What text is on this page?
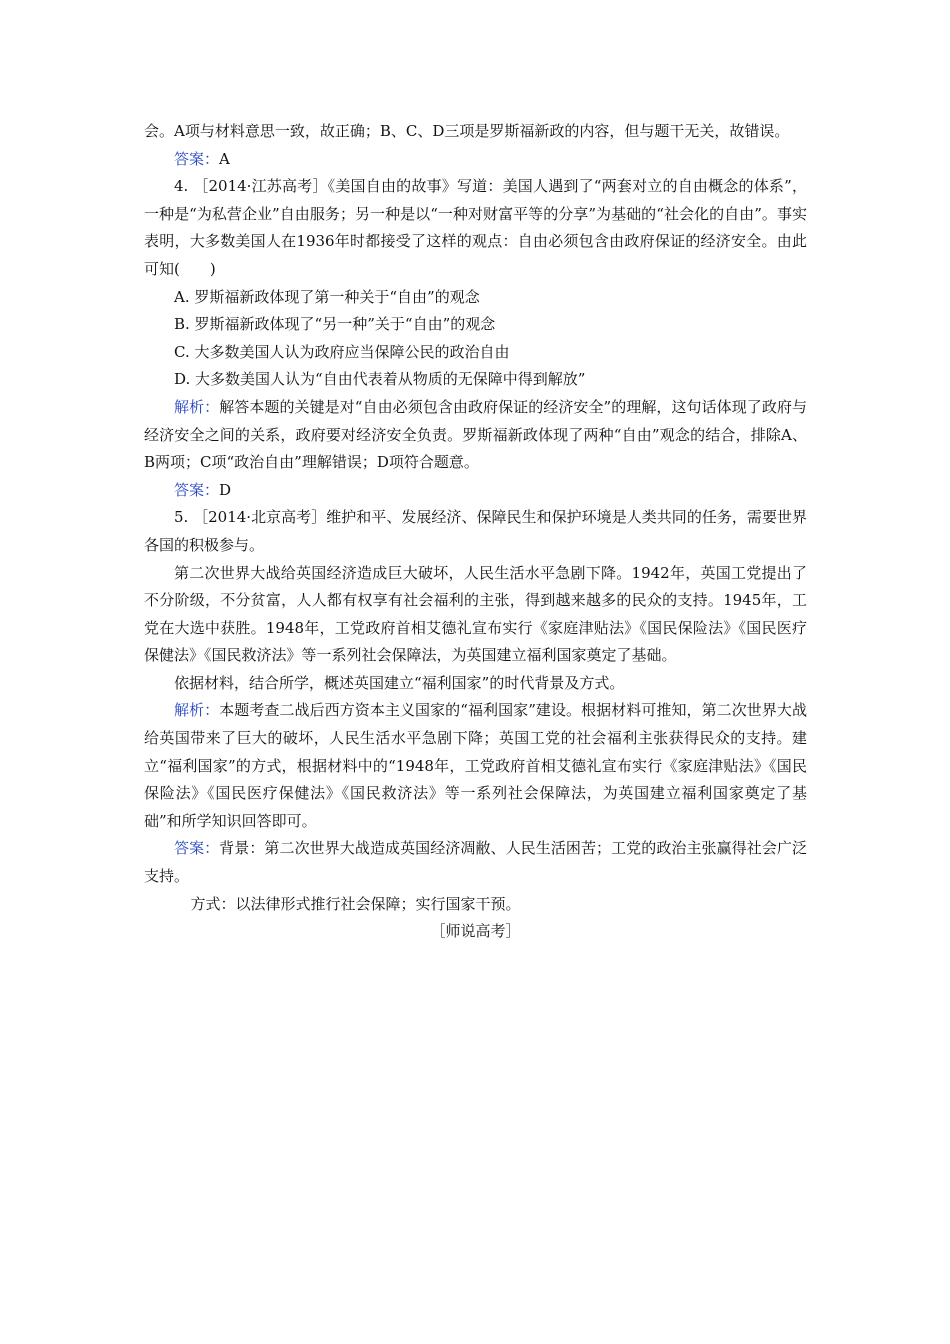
会。A项与材料意思一致，故正确；B、C、D三项是罗斯福新政的内容，但与题干无关，故错误。

答案：A

4. ［2014·江苏高考］《美国自由的故事》写道：美国人遇到了“两套对立的自由概念的体系”，一种是“为私营企业”自由服务；另一种是以“一种对财富平等的分享”为基础的“社会化的自由”。事实表明，大多数美国人在1936年时都接受了这样的观点：自由必须包含由政府保证的经济安全。由此可知(　　)

A. 罗斯福新政体现了第一种关于“自由”的观念

B. 罗斯福新政体现了“另一种”关于“自由”的观念

C. 大多数美国人认为政府应当保障公民的政治自由

D. 大多数美国人认为“自由代表着从物质的无保障中得到解放”

解析：解答本题的关键是对“自由必须包含由政府保证的经济安全”的理解，这句话体现了政府与经济安全之间的关系，政府要对经济安全负责。罗斯福新政体现了两种“自由”观念的结合，排除A、B两项；C项“政治自由”理解错误；D项符合题意。

答案：D

5. ［2014·北京高考］维护和平、发展经济、保障民生和保护环境是人类共同的任务，需要世界各国的积极参与。

第二次世界大战给英国经济造成巨大破坏，人民生活水平急剧下降。1942年，英国工党提出了不分阶级，不分贫富，人人都有权享有社会福利的主张，得到越来越多的民众的支持。1945年，工党在大选中获胜。1948年，工党政府首相艾德礼宣布实行《家庭津贴法》《国民保险法》《国民医疗保健法》《国民救济法》等一系列社会保障法，为英国建立福利国家奠定了基础。

依据材料，结合所学，概述英国建立“福利国家”的时代背景及方式。

解析：本题考查二战后西方资本主义国家的“福利国家”建设。根据材料可推知，第二次世界大战给英国带来了巨大的破坏，人民生活水平急剧下降；英国工党的社会福利主张获得民众的支持。建立“福利国家”的方式，根据材料中的“1948年，工党政府首相艾德礼宣布实行《家庭津贴法》《国民保险法》《国民医疗保健法》《国民救济法》等一系列社会保障法，为英国建立福利国家奠定了基础”和所学知识回答即可。

答案：背景：第二次世界大战造成英国经济凋敝、人民生活困苦；工党的政治主张赢得社会广泛支持。

方式：以法律形式推行社会保障；实行国家干预。

［师说高考］
